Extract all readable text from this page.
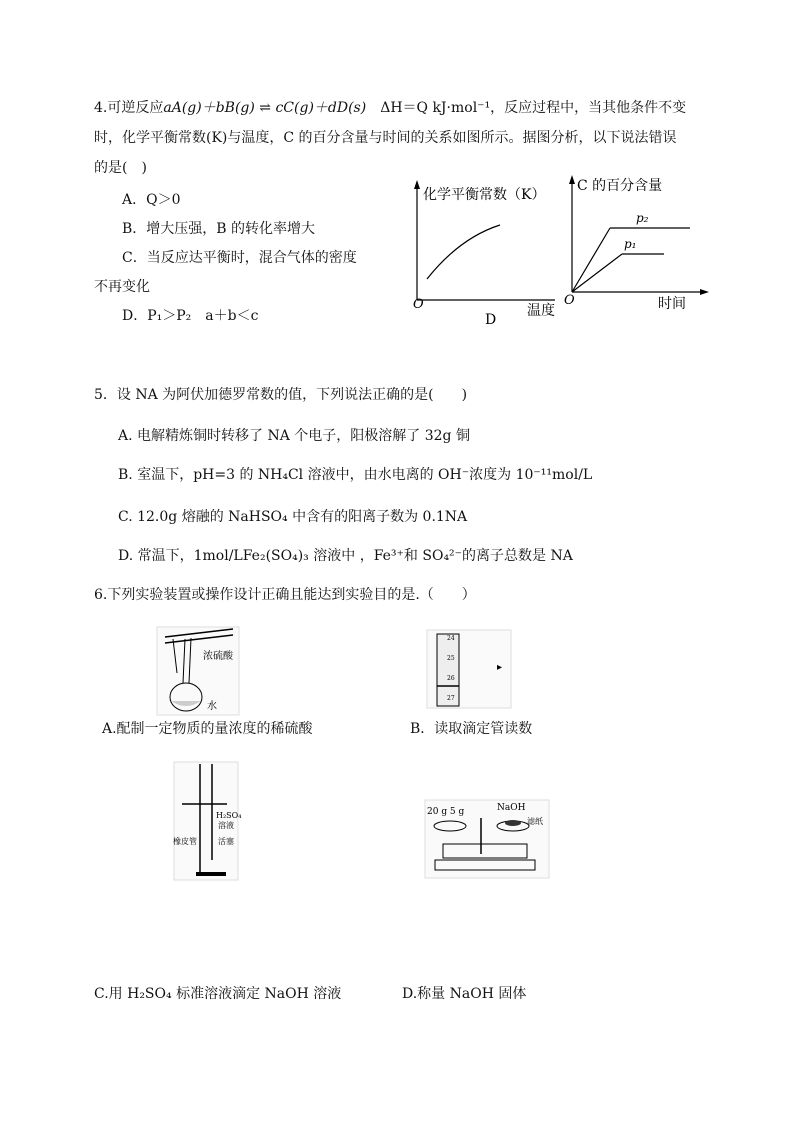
4.可逆反应aA(g)＋bB(g) ⇌ cC(g)＋dD(s)　 ΔH＝Q kJ·mol⁻¹，反应过程中，当其他条件不变
时，化学平衡常数(K)与温度，C 的百分含量与时间的关系如图所示。据图分析，以下说法错误
的是(　)
A．Q＞0
B．增大压强，B 的转化率增大
C．当反应达平衡时，混合气体的密度
不再变化
D．P₁＞P₂　a＋b＜c
化学平衡常数（K）
O	温度
D
C 的百分含量
p₂
p₁
O	时间
5．设 NA 为阿伏加德罗常数的值，下列说法正确的是(　　)
A. 电解精炼铜时转移了 NA 个电子，阳极溶解了 32g 铜
B. 室温下，pH=3 的 NH₄Cl 溶液中，由水电离的 OH⁻浓度为 10⁻¹¹mol/L
C. 12.0g 熔融的 NaHSO₄ 中含有的阳离子数为 0.1NA
D. 常温下，1mol/LFe₂(SO₄)₃ 溶液中 ，Fe³⁺和 SO₄²⁻的离子总数是 NA
6.下列实验装置或操作设计正确且能达到实验目的是.（　　）
浓硫酸
水
A.配制一定物质的量浓度的稀硫酸
24
25
26
27
▸
B．读取滴定管读数
H₂SO₄
溶液
橡皮管	活塞
20 g 5 g	NaOH
滤纸
C.用 H₂SO₄ 标准溶液滴定 NaOH 溶液	D.称量 NaOH 固体
